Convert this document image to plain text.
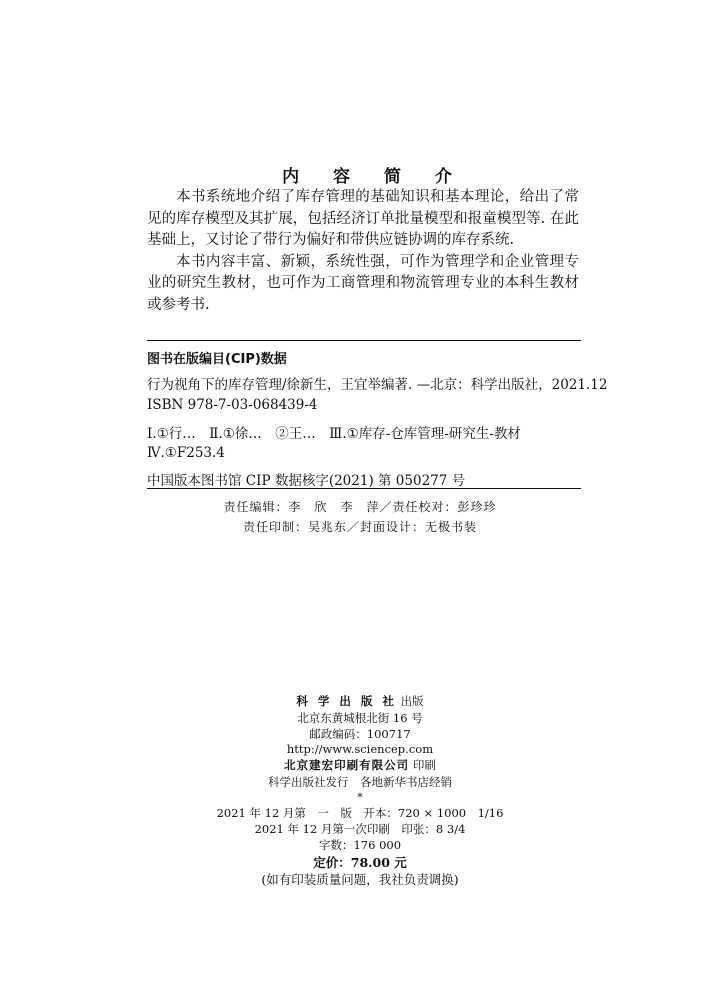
内 容 简 介

本书系统地介绍了库存管理的基础知识和基本理论，给出了常见的库存模型及其扩展，包括经济订单批量模型和报童模型等. 在此基础上，又讨论了带行为偏好和带供应链协调的库存系统.

本书内容丰富、新颖，系统性强，可作为管理学和企业管理专业的研究生教材，也可作为工商管理和物流管理专业的本科生教材或参考书.

图书在版编目(CIP)数据
行为视角下的库存管理/徐新生，王宜举编著. —北京：科学出版社，2021.12
ISBN 978-7-03-068439-4
Ⅰ.①行…　Ⅱ.①徐…　②王…　Ⅲ.①库存-仓库管理-研究生-教材
Ⅳ.①F253.4
中国版本图书馆 CIP 数据核字(2021) 第 050277 号
责任编辑：李　欣　李　萍／责任校对：彭珍珍
责任印制：吴兆东／封面设计：无极书装
科 学 出 版 社 出版
北京东黄城根北街 16 号
邮政编码：100717
http://www.sciencep.com
北京建宏印刷有限公司 印刷
科学出版社发行　各地新华书店经销
*
2021 年 12 月第　一　版　开本：720 × 1000　1/16
2021 年 12 月第一次印刷　印张：8 3/4
字数：176 000
定价：78.00 元
(如有印装质量问题，我社负责调换)
